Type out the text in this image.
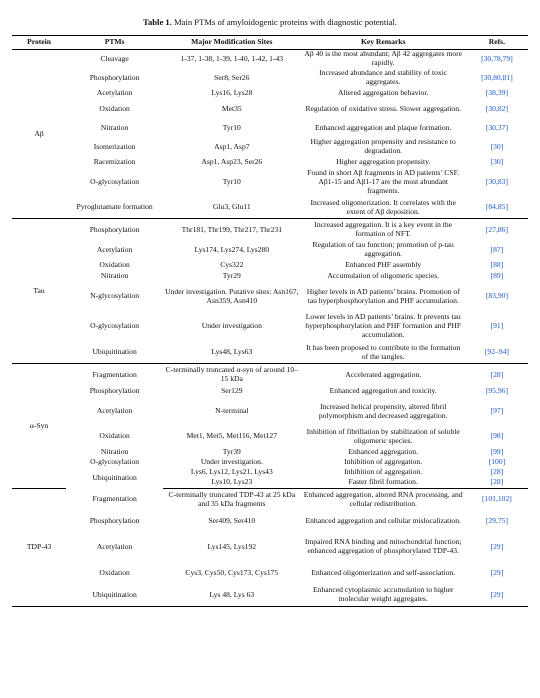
Table 1. Main PTMs of amyloidogenic proteins with diagnostic potential.
Protein	PTMs	Major Modification Sites	Key Remarks	Refs.
Aβ	Cleavage	1-37, 1-38, 1-39, 1-40, 1-42, 1-43	Aβ 40 is the most abundant; Aβ 42 aggregates more rapidly.	[30,78,79]
	Phosphorylation	Ser8, Ser26	Increased abundance and stability of toxic aggregates.	[30,80,81]
	Acetylation	Lys16, Lys28	Altered aggregation behavior.	[38,39]
	Oxidation	Met35	Regulation of oxidative stress. Slower aggregation.	[30,82]
	Nitration	Tyr10	Enhanced aggregation and plaque formation.	[30,37]
	Isomerization	Asp1, Asp7	Higher aggregation propensity and resistance to degradation.	[30]
	Racemization	Asp1, Asp23, Ser26	Higher aggregation propensity.	[30]
	O-glycosylation	Tyr10	Found in short Aβ fragments in AD patients’ CSF. Aβ1-15 and Aβ1-17 are the most abundant fragments.	[30,83]
	Pyroglutamate formation	Glu3, Glu11	Increased oligomerization. It correlates with the extent of Aβ deposition.	[84,85]
Tau	Phosphorylation	Thr181, Thr199, Thr217, Thr231	Increased aggregation. It is a key event in the formation of NFT.	[27,86]
	Acetylation	Lys174, Lys274, Lys280	Regulation of tau function; promotion of p-tau aggregation.	[87]
	Oxidation	Cys322	Enhanced PHF assembly	[88]
	Nitration	Tyr29	Accumulation of oligomeric species.	[89]
	N-glycosylation	Under investigation. Putative sites: Asn167, Asn359, Asn410	Higher levels in AD patients’ brains. Promotion of tau hyperphosphorylation and PHF accumulation.	[83,90]
	O-glycosylation	Under investigation	Lower levels in AD patients’ brains. It prevents tau hyperphosphorylation and PHF formation and PHF accumulation.	[91]
	Ubiquitination	Lys48, Lys63	It has been proposed to contribute to the formation of the tangles.	[92–94]
α-Syn	Fragmentation	C-terminally truncated α-syn of around 10–15 kDa	Accelerated aggregation.	[28]
	Phosphorylation	Ser129	Enhanced aggregation and toxicity.	[95,96]
	Acetylation	N-terminal	Increased helical propensity, altered fibril polymorphism and decreased aggregation.	[97]
	Oxidation	Met1, Met5, Met116, Met127	Inhibition of fibrillation by stabilization of soluble oligomeric species.	[98]
	Nitration	Tyr39	Enhanced aggregation.	[99]
	O-glycosylation	Under investigation.	Inhibition of aggregation.	[100]
	Ubiquitination	Lys6, Lys12, Lys21, Lys43	Inhibition of aggregation.	[28]
		Lys10, Lys23	Faster fibril formation.	[28]
TDP-43	Fragmentation	C-terminally truncated TDP-43 at 25 kDa and 35 kDa fragments	Enhanced aggregation, altered RNA processing, and cellular redistribution.	[101,102]
	Phosphorylation	Ser409, Ser410	Enhanced aggregation and cellular mislocalization.	[29,75]
	Acetylation	Lys145, Lys192	Impaired RNA binding and mitochondrial function; enhanced aggregation of phosphorylated TDP-43.	[29]
	Oxidation	Cys3, Cys50, Cys173, Cys175	Enhanced oligomerization and self-association.	[29]
	Ubiquitination	Lys 48, Lys 63	Enhanced cytoplasmic accumulation to higher molecular weight aggregates.	[29]
